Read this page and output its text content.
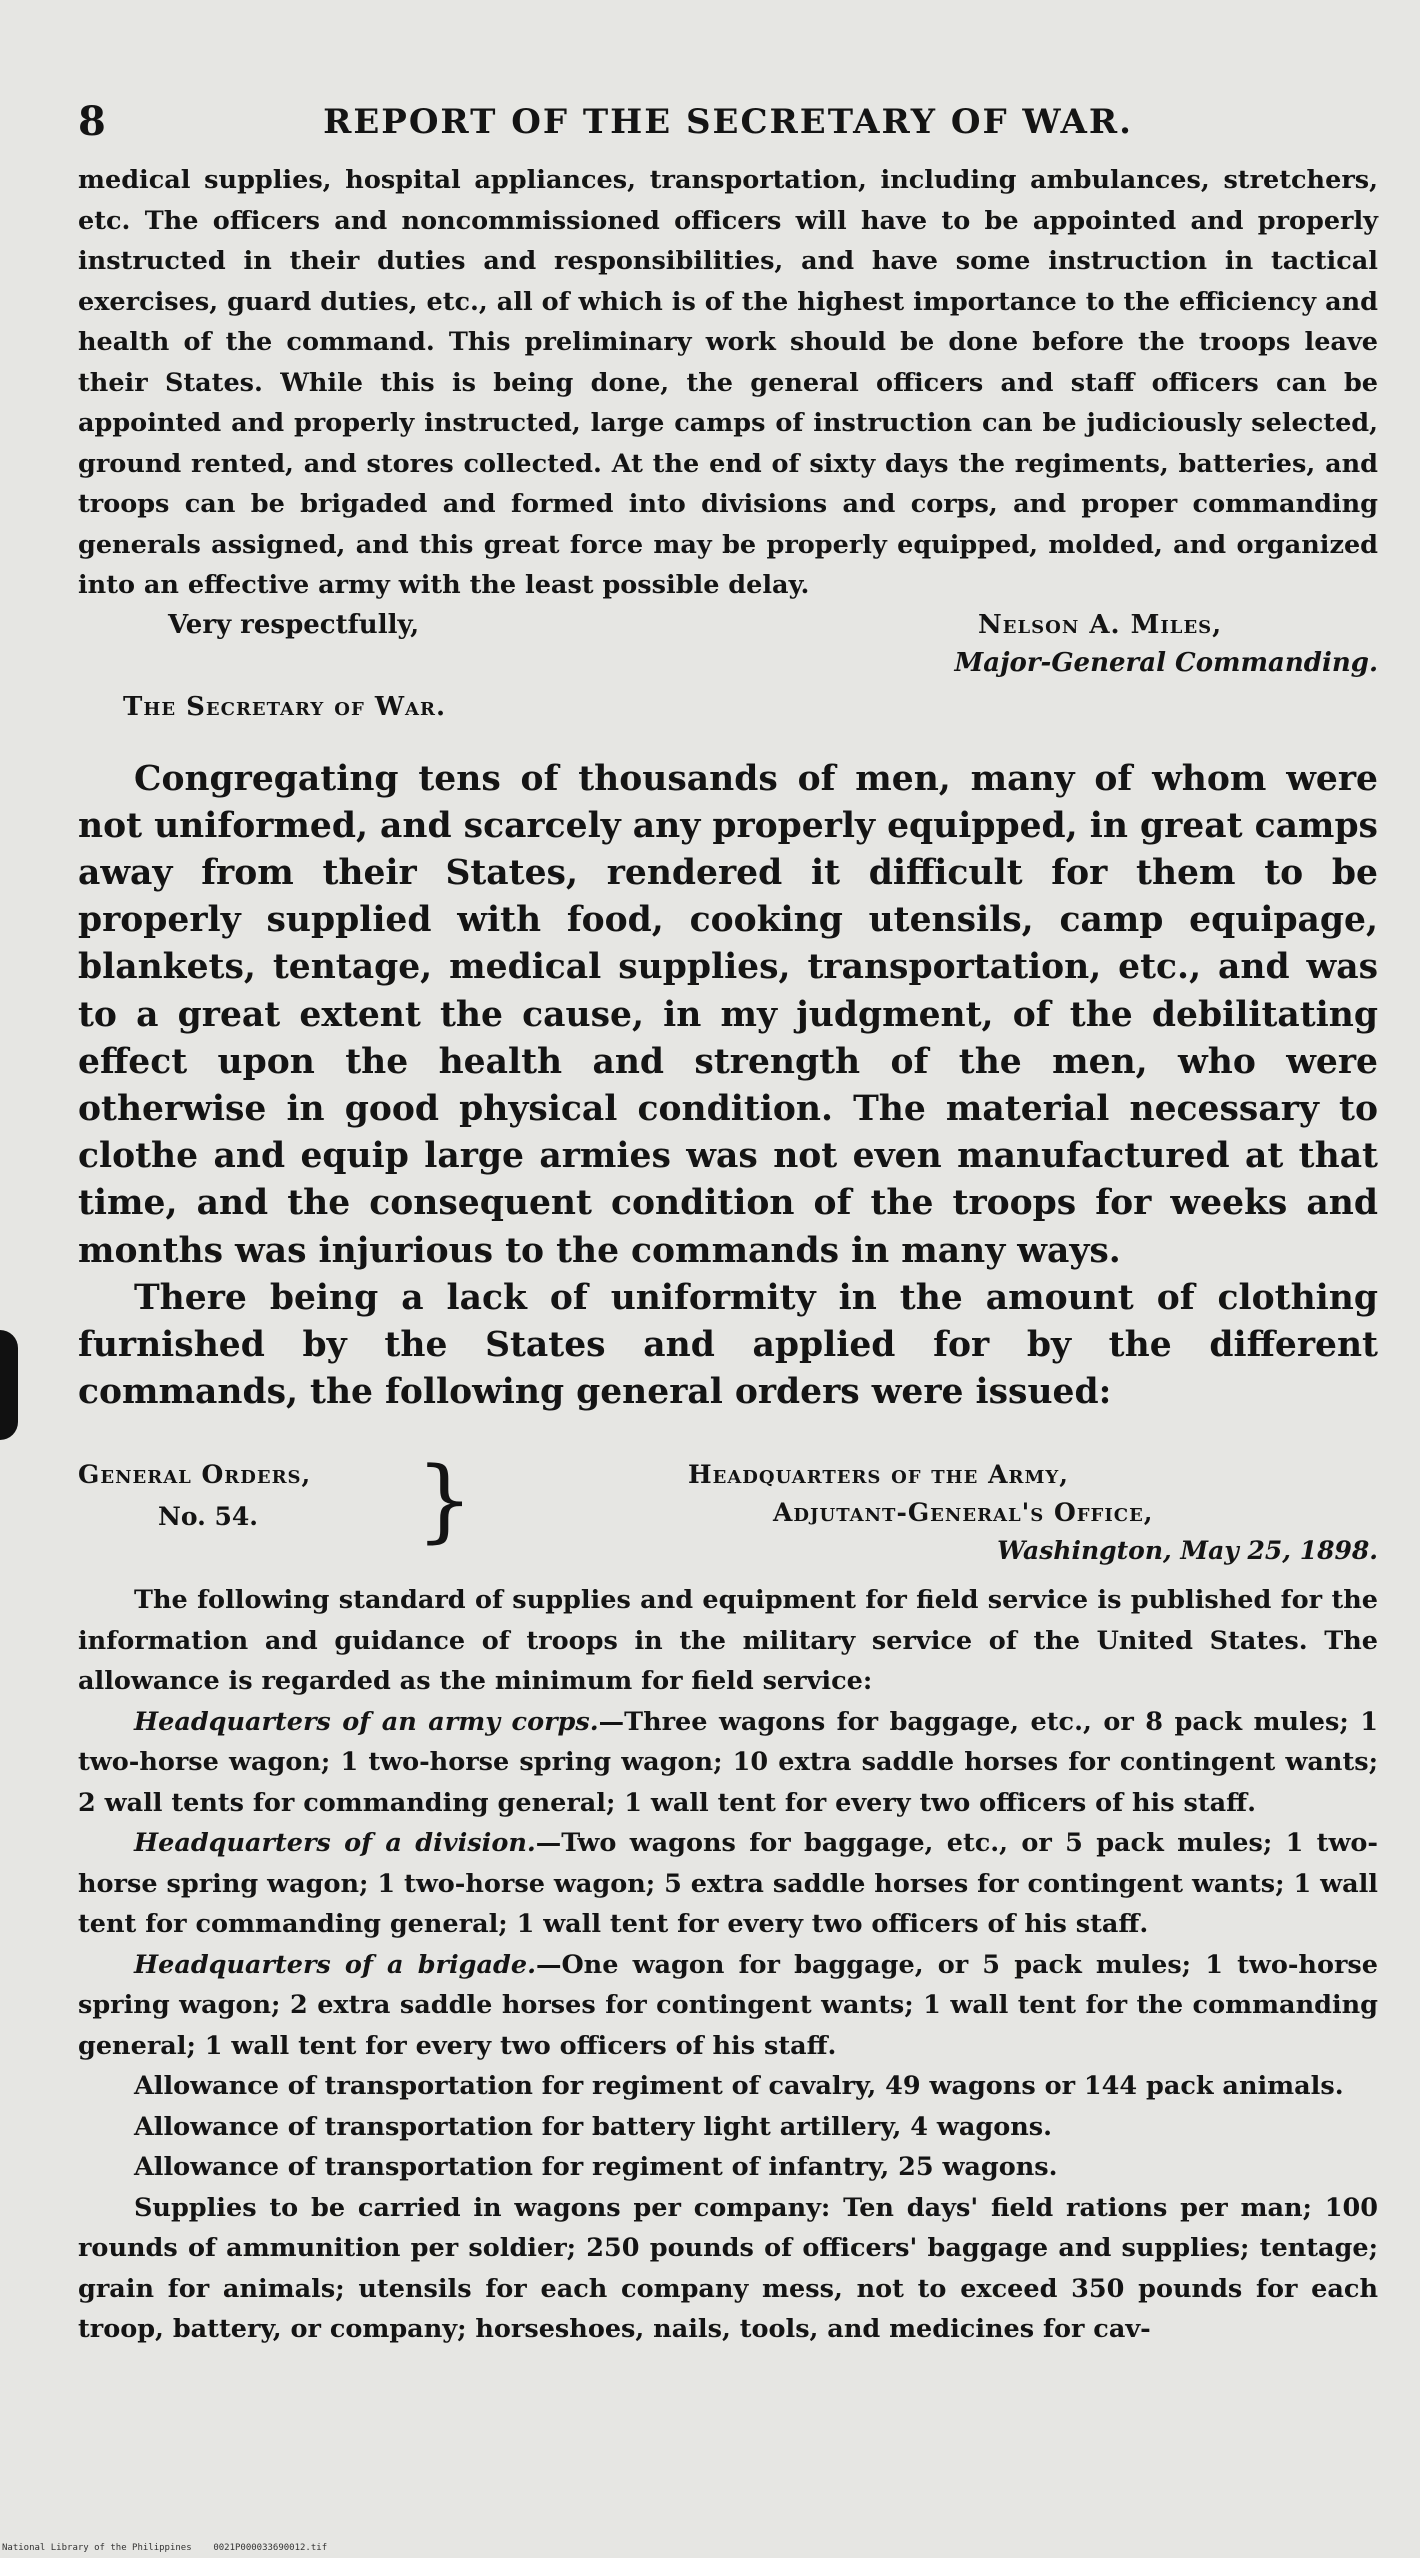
8	REPORT OF THE SECRETARY OF WAR.

medical supplies, hospital appliances, transportation, including ambulances, stretchers, etc. The officers and noncommissioned officers will have to be appointed and properly instructed in their duties and responsibilities, and have some instruction in tactical exercises, guard duties, etc., all of which is of the highest importance to the efficiency and health of the command. This preliminary work should be done before the troops leave their States. While this is being done, the general officers and staff officers can be appointed and properly instructed, large camps of instruction can be judiciously selected, ground rented, and stores collected. At the end of sixty days the regiments, batteries, and troops can be brigaded and formed into divisions and corps, and proper commanding generals assigned, and this great force may be properly equipped, molded, and organized into an effective army with the least possible delay.

Very respectfully,	Nelson A. Miles,
Major-General Commanding.
The Secretary of War.

Congregating tens of thousands of men, many of whom were not uniformed, and scarcely any properly equipped, in great camps away from their States, rendered it difficult for them to be properly supplied with food, cooking utensils, camp equipage, blankets, tentage, medical supplies, transportation, etc., and was to a great extent the cause, in my judgment, of the debilitating effect upon the health and strength of the men, who were otherwise in good physical condition. The material necessary to clothe and equip large armies was not even manufactured at that time, and the consequent condition of the troops for weeks and months was injurious to the commands in many ways.

There being a lack of uniformity in the amount of clothing furnished by the States and applied for by the different commands, the following general orders were issued:

General Orders,
No. 54. }	Headquarters of the Army,
Adjutant-General's Office,
Washington, May 25, 1898.

The following standard of supplies and equipment for field service is published for the information and guidance of troops in the military service of the United States. The allowance is regarded as the minimum for field service:

Headquarters of an army corps.—Three wagons for baggage, etc., or 8 pack mules; 1 two-horse wagon; 1 two-horse spring wagon; 10 extra saddle horses for contingent wants; 2 wall tents for commanding general; 1 wall tent for every two officers of his staff.

Headquarters of a division.—Two wagons for baggage, etc., or 5 pack mules; 1 two-horse spring wagon; 1 two-horse wagon; 5 extra saddle horses for contingent wants; 1 wall tent for commanding general; 1 wall tent for every two officers of his staff.

Headquarters of a brigade.—One wagon for baggage, or 5 pack mules; 1 two-horse spring wagon; 2 extra saddle horses for contingent wants; 1 wall tent for the commanding general; 1 wall tent for every two officers of his staff.

Allowance of transportation for regiment of cavalry, 49 wagons or 144 pack animals.

Allowance of transportation for battery light artillery, 4 wagons.

Allowance of transportation for regiment of infantry, 25 wagons.

Supplies to be carried in wagons per company: Ten days' field rations per man; 100 rounds of ammunition per soldier; 250 pounds of officers' baggage and supplies; tentage; grain for animals; utensils for each company mess, not to exceed 350 pounds for each troop, battery, or company; horseshoes, nails, tools, and medicines for cav-

National Library of the Philippines    0021P000033690012.tif
